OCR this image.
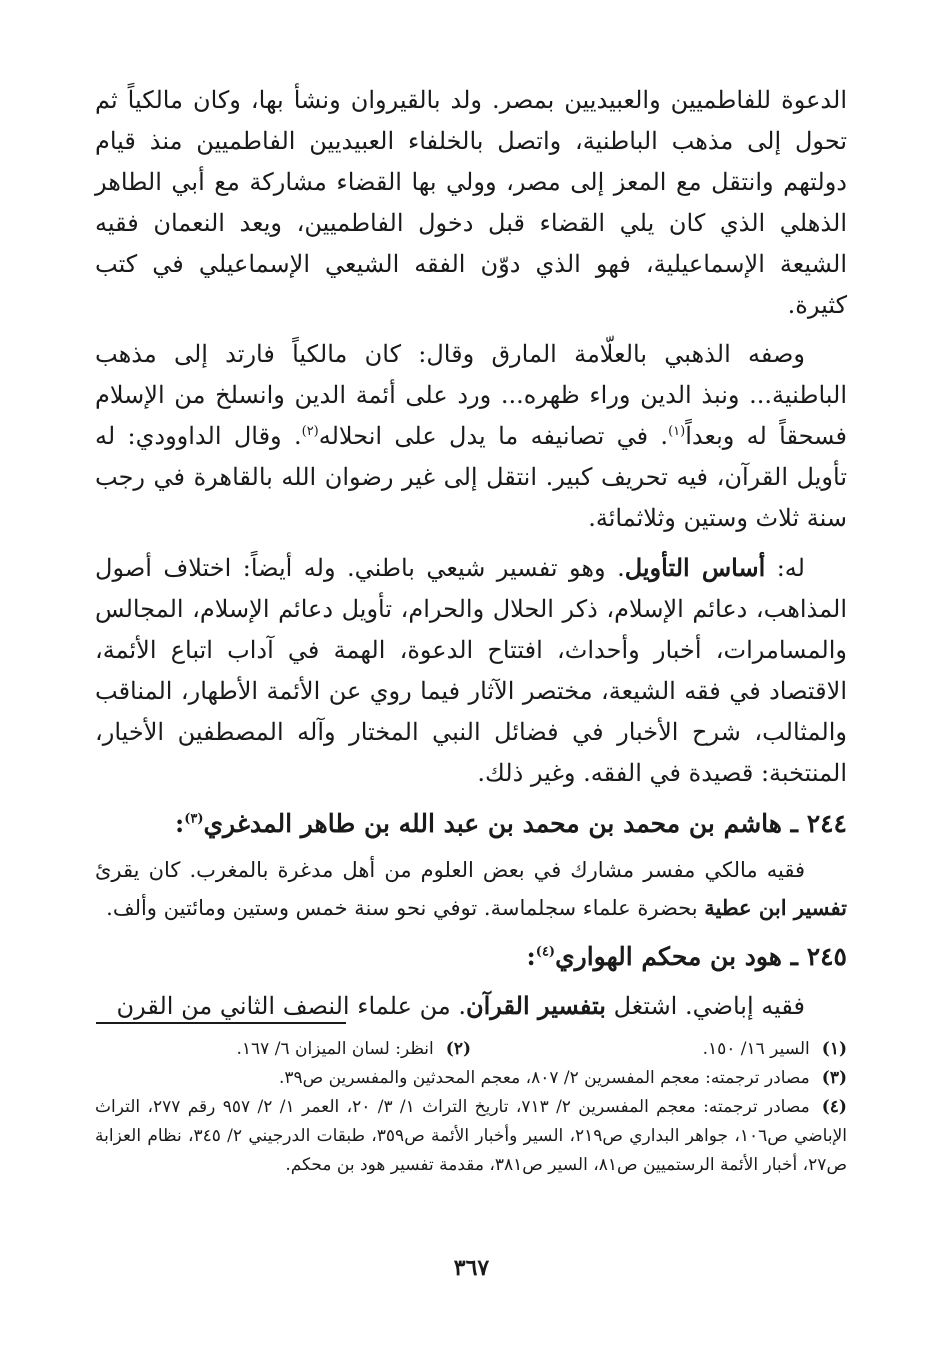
الدعوة للفاطميين والعبيديين بمصر. ولد بالقيروان ونشأ بها، وكان مالكياً ثم تحول إلى مذهب الباطنية، واتصل بالخلفاء العبيديين الفاطميين منذ قيام دولتهم وانتقل مع المعز إلى مصر، وولي بها القضاء مشاركة مع أبي الطاهر الذهلي الذي كان يلي القضاء قبل دخول الفاطميين، ويعد النعمان فقيه الشيعة الإسماعيلية، فهو الذي دوّن الفقه الشيعي الإسماعيلي في كتب كثيرة.

وصفه الذهبي بالعلّامة المارق وقال: كان مالكياً فارتد إلى مذهب الباطنية... ونبذ الدين وراء ظهره... ورد على أئمة الدين وانسلخ من الإسلام فسحقاً له وبعداً$^{(١)}$. في تصانيفه ما يدل على انحلاله$^{(٢)}$. وقال الداوودي: له تأويل القرآن، فيه تحريف كبير. انتقل إلى غير رضوان الله بالقاهرة في رجب سنة ثلاث وستين وثلاثمائة.

له: أساس التأويل. وهو تفسير شيعي باطني. وله أيضاً: اختلاف أصول المذاهب، دعائم الإسلام، ذكر الحلال والحرام، تأويل دعائم الإسلام، المجالس والمسامرات، أخبار وأحداث، افتتاح الدعوة، الهمة في آداب اتباع الأئمة، الاقتصاد في فقه الشيعة، مختصر الآثار فيما روي عن الأئمة الأطهار، المناقب والمثالب، شرح الأخبار في فضائل النبي المختار وآله المصطفين الأخيار، المنتخبة: قصيدة في الفقه. وغير ذلك.

٢٤٤ ـ هاشم بن محمد بن محمد بن عبد الله بن طاهر المدغري$^{(٣)}$:

فقيه مالكي مفسر مشارك في بعض العلوم من أهل مدغرة بالمغرب. كان يقرئ تفسير ابن عطية بحضرة علماء سجلماسة. توفي نحو سنة خمس وستين ومائتين وألف.

٢٤٥ ـ هود بن محكم الهواري$^{(٤)}$:

فقيه إباضي. اشتغل بتفسير القرآن. من علماء النصف الثاني من القرن

(١)السير ١٦/ ١٥٠.
(٢)انظر: لسان الميزان ٦/ ١٦٧.

(٣)مصادر ترجمته: معجم المفسرين ٢/ ٨٠٧، معجم المحدثين والمفسرين ص٣٩.

(٤)مصادر ترجمته: معجم المفسرين ٢/ ٧١٣، تاريخ التراث ١/ ٣/ ٢٠، العمر ١/ ٢/ ٩٥٧ رقم ٢٧٧، التراث الإباضي ص١٠٦، جواهر البداري ص٢١٩، السير وأخبار الأئمة ص٣٥٩، طبقات الدرجيني ٢/ ٣٤٥، نظام العزابة ص٢٧، أخبار الأئمة الرستميين ص٨١، السير ص٣٨١، مقدمة تفسير هود بن محكم.

٣٦٧
